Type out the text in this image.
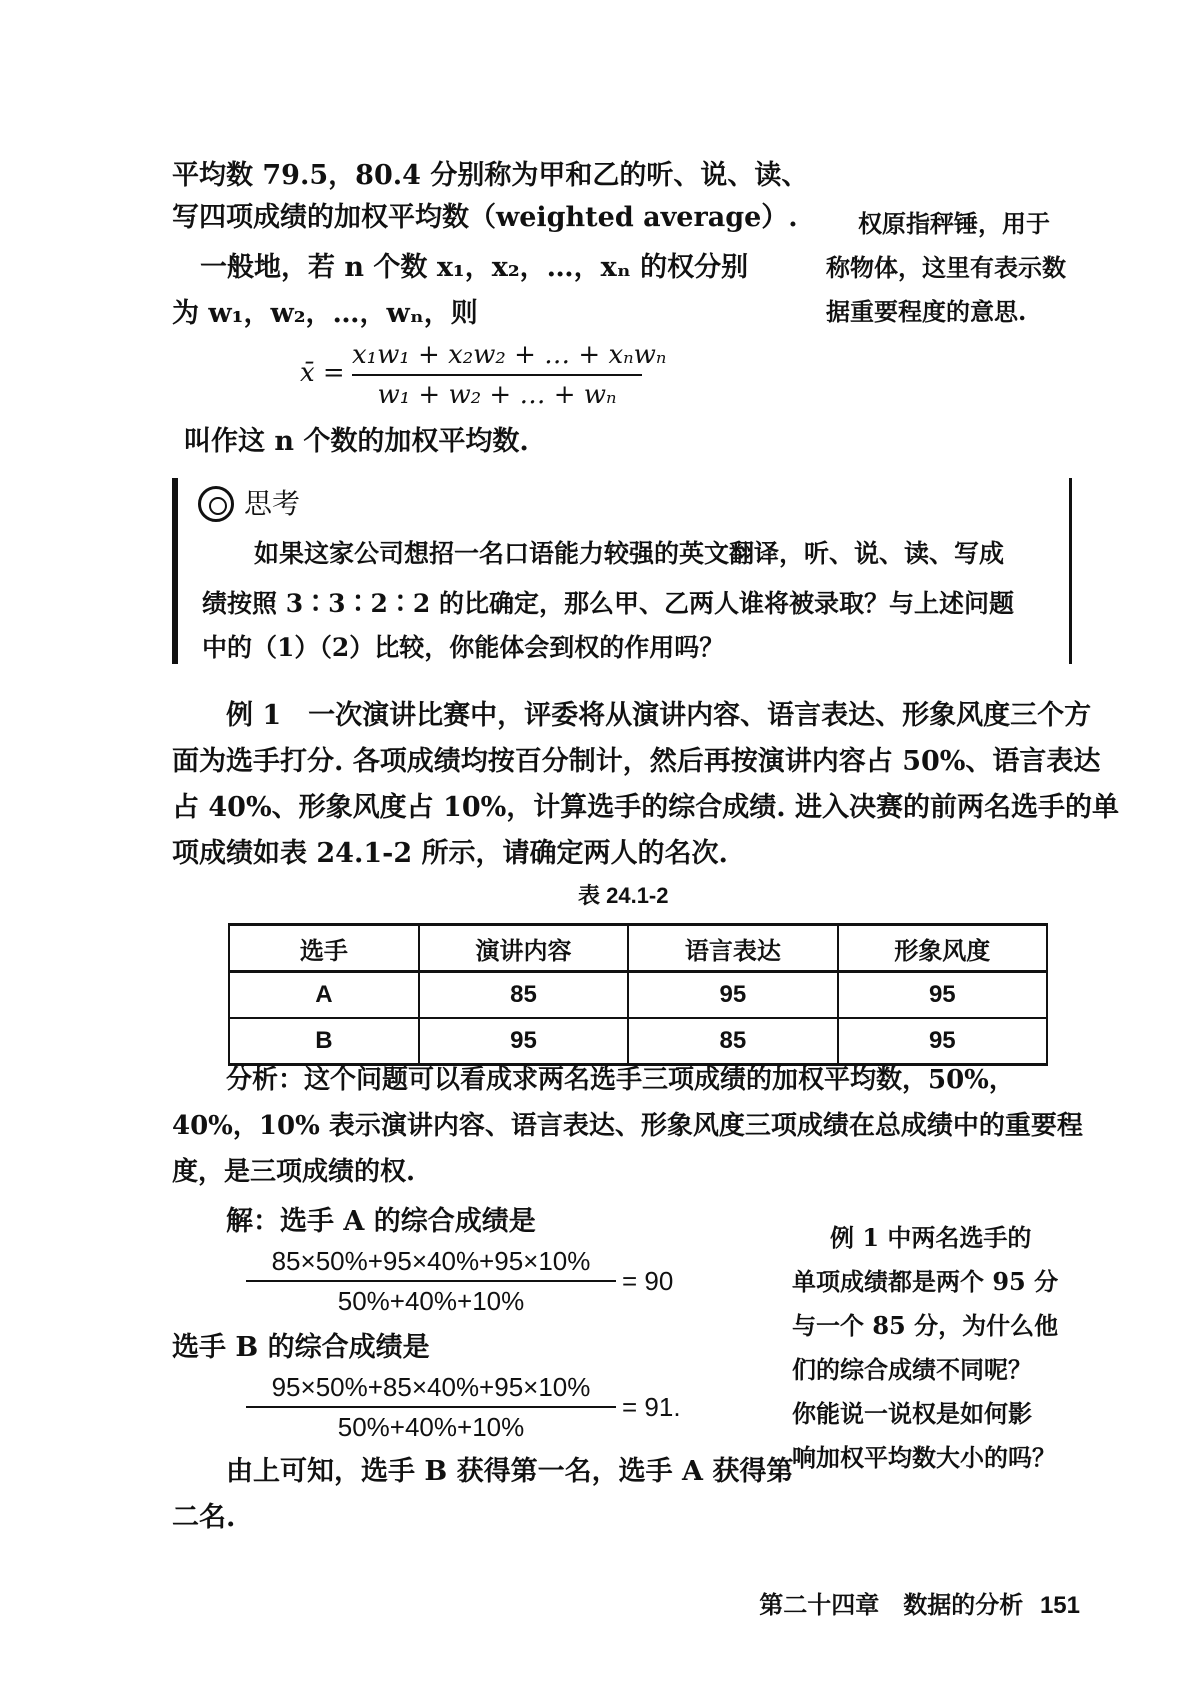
平均数 79.5，80.4 分别称为甲和乙的听、说、读、
写四项成绩的加权平均数（weighted average）.
一般地，若 n 个数 x₁，x₂，…，xₙ 的权分别
为 w₁，w₂，…，wₙ，则
x̄ =
x₁w₁ + x₂w₂ + … + xₙwₙ
w₁ + w₂ + … + wₙ
叫作这 n 个数的加权平均数.
权原指秤锤，用于
称物体，这里有表示数
据重要程度的意思.
思考
如果这家公司想招一名口语能力较强的英文翻译，听、说、读、写成
绩按照 3∶3∶2∶2 的比确定，那么甲、乙两人谁将被录取？与上述问题
中的（1）（2）比较，你能体会到权的作用吗？
例 1　一次演讲比赛中，评委将从演讲内容、语言表达、形象风度三个方
面为选手打分. 各项成绩均按百分制计，然后再按演讲内容占 50%、语言表达
占 40%、形象风度占 10%，计算选手的综合成绩. 进入决赛的前两名选手的单
项成绩如表 24.1-2 所示，请确定两人的名次.
表 24.1-2
选手	演讲内容	语言表达	形象风度
A	85	95	95
B	95	85	95
分析：这个问题可以看成求两名选手三项成绩的加权平均数，50%，
40%，10% 表示演讲内容、语言表达、形象风度三项成绩在总成绩中的重要程
度，是三项成绩的权.
解：选手 A 的综合成绩是
85×50%+95×40%+95×10%
50%+40%+10%
= 90
选手 B 的综合成绩是
95×50%+85×40%+95×10%
50%+40%+10%
= 91.
由上可知，选手 B 获得第一名，选手 A 获得第
二名.
例 1 中两名选手的
单项成绩都是两个 95 分
与一个 85 分，为什么他
们的综合成绩不同呢？
你能说一说权是如何影
响加权平均数大小的吗？
第二十四章　数据的分析 151
